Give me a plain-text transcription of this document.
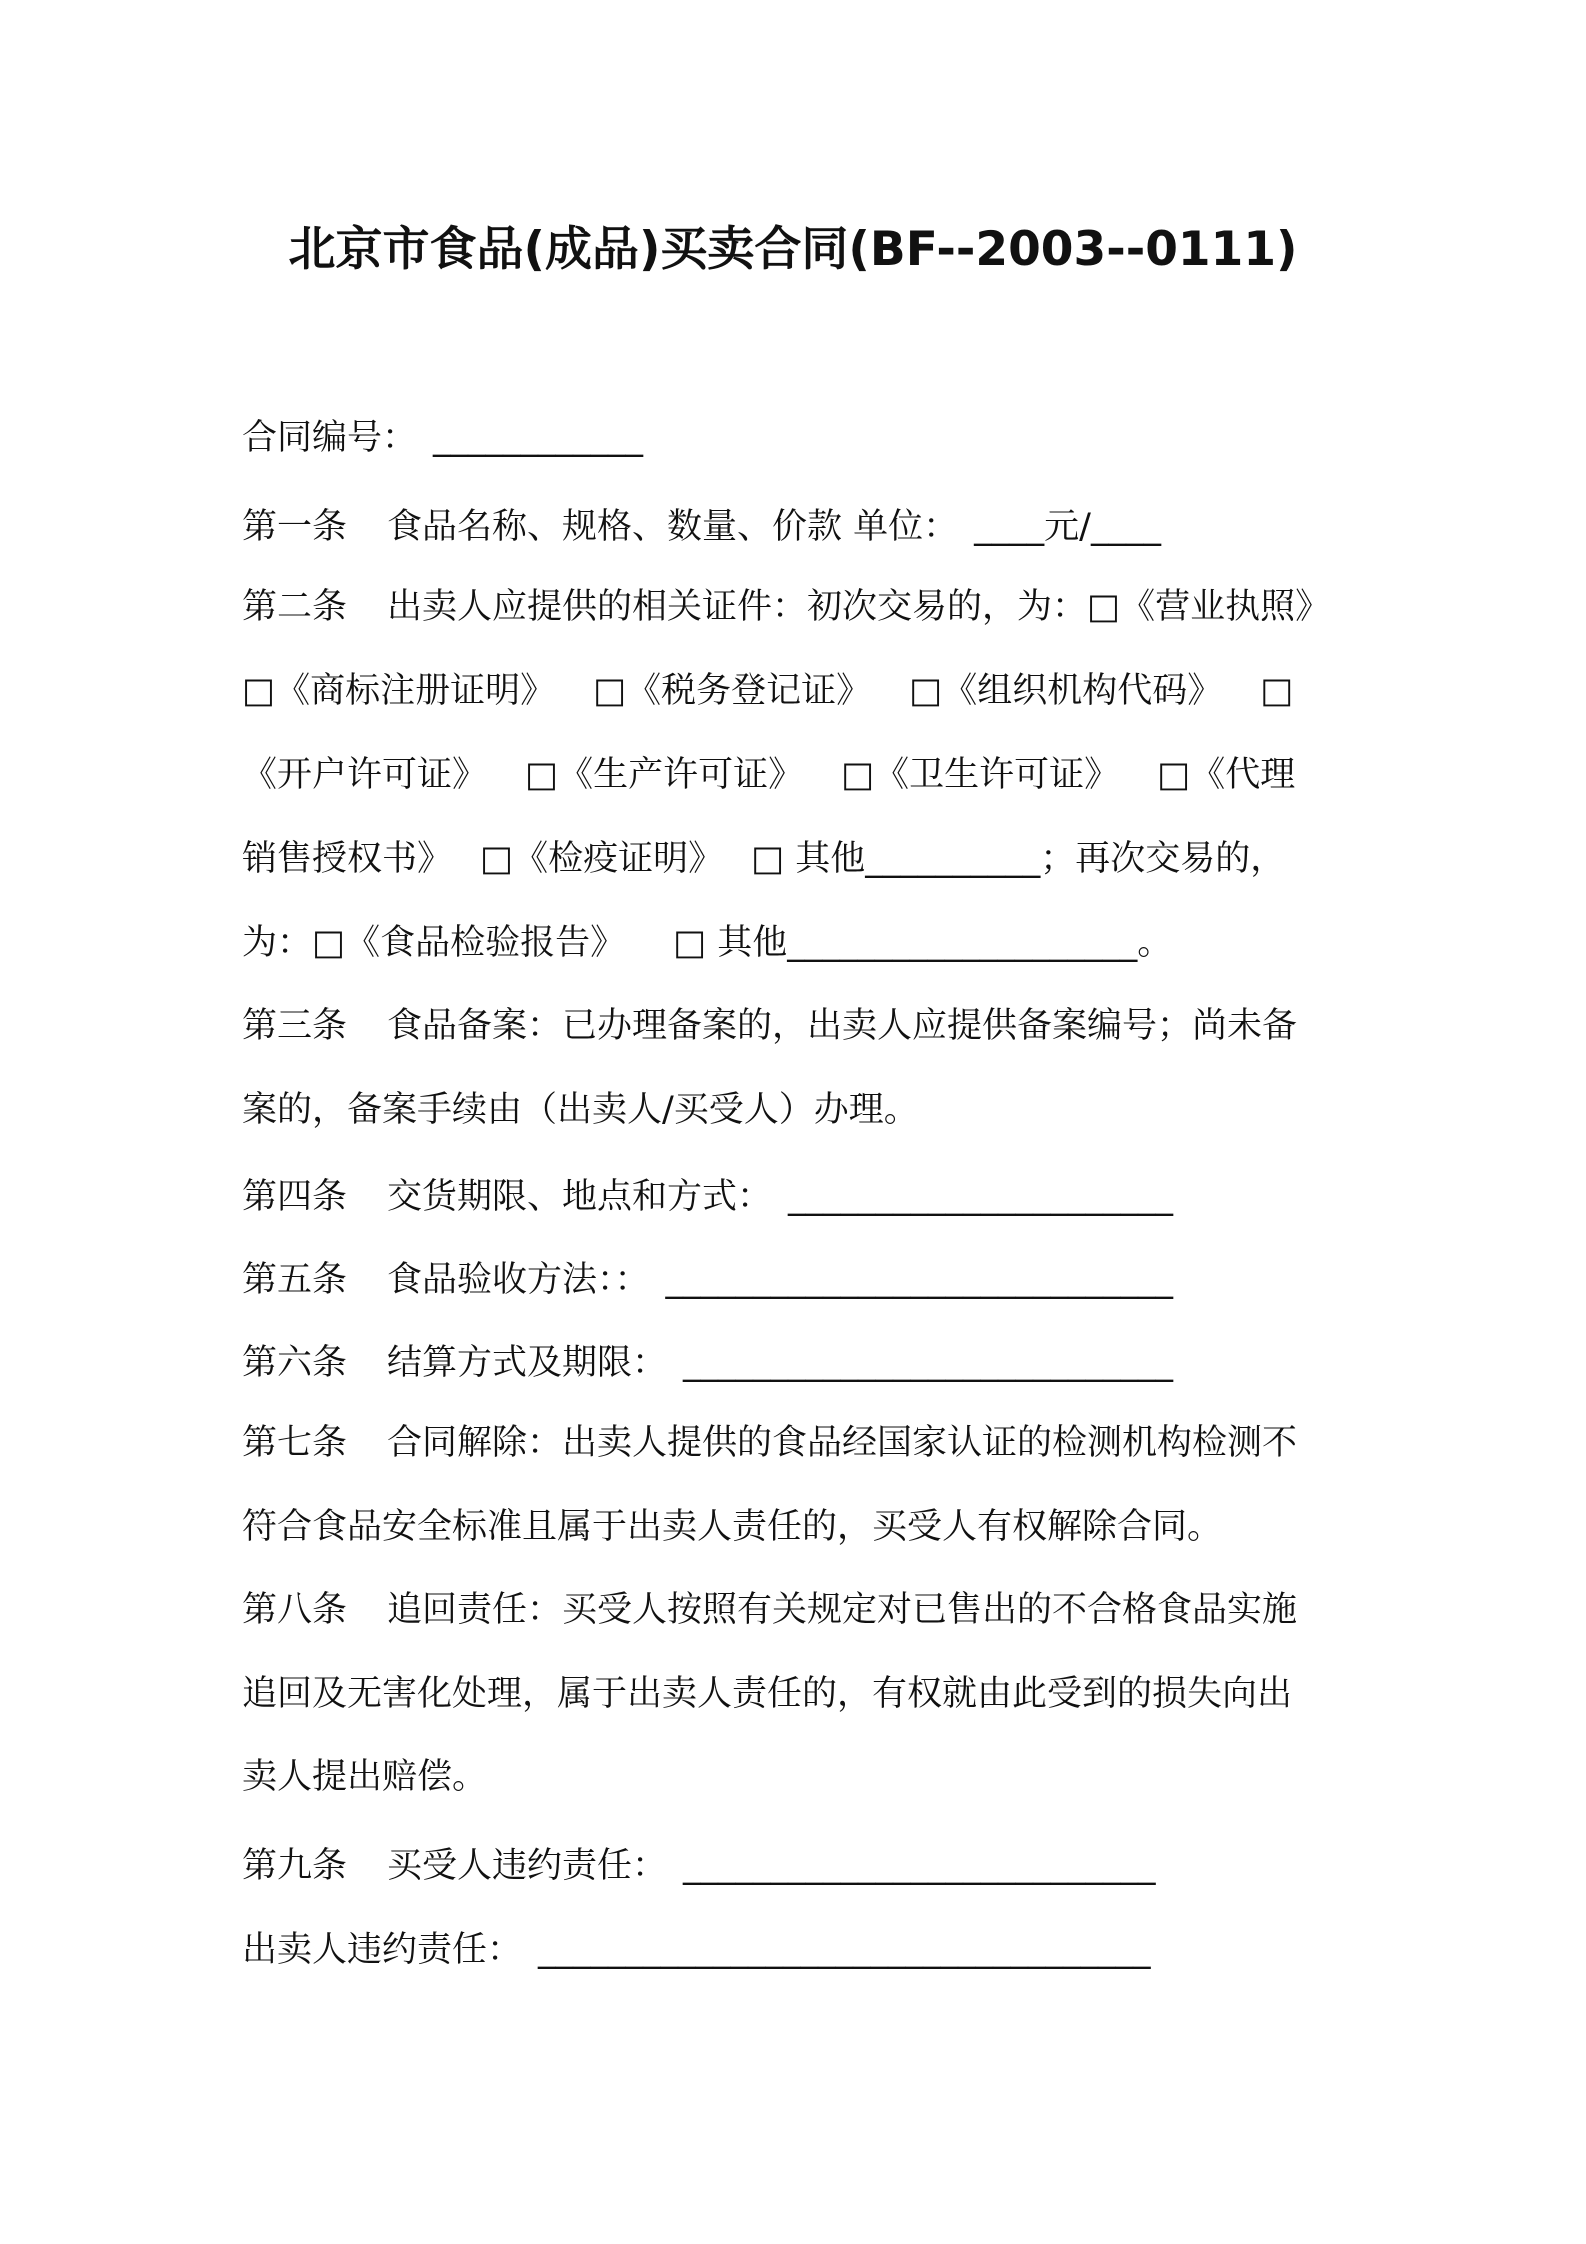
北京市食品(成品)买卖合同(BF--2003--0111)

合同编号： ____________

第一条 食品名称、规格、数量、价款 单位： ____元/____

第二条 出卖人应提供的相关证件：初次交易的，为：□《营业执照》

□《商标注册证明》 □《税务登记证》 □《组织机构代码》 □

《开户许可证》 □《生产许可证》 □《卫生许可证》 □《代理

销售授权书》 □《检疫证明》 □ 其他__________；再次交易的，

为：□《食品检验报告》 □ 其他____________________。

第三条 食品备案：已办理备案的，出卖人应提供备案编号；尚未备

案的，备案手续由（出卖人/买受人）办理。

第四条 交货期限、地点和方式： ______________________

第五条 食品验收方法：： _____________________________

第六条 结算方式及期限： ____________________________

第七条 合同解除：出卖人提供的食品经国家认证的检测机构检测不

符合食品安全标准且属于出卖人责任的，买受人有权解除合同。

第八条 追回责任：买受人按照有关规定对已售出的不合格食品实施

追回及无害化处理，属于出卖人责任的，有权就由此受到的损失向出

卖人提出赔偿。

第九条 买受人违约责任： ___________________________

出卖人违约责任： ___________________________________
